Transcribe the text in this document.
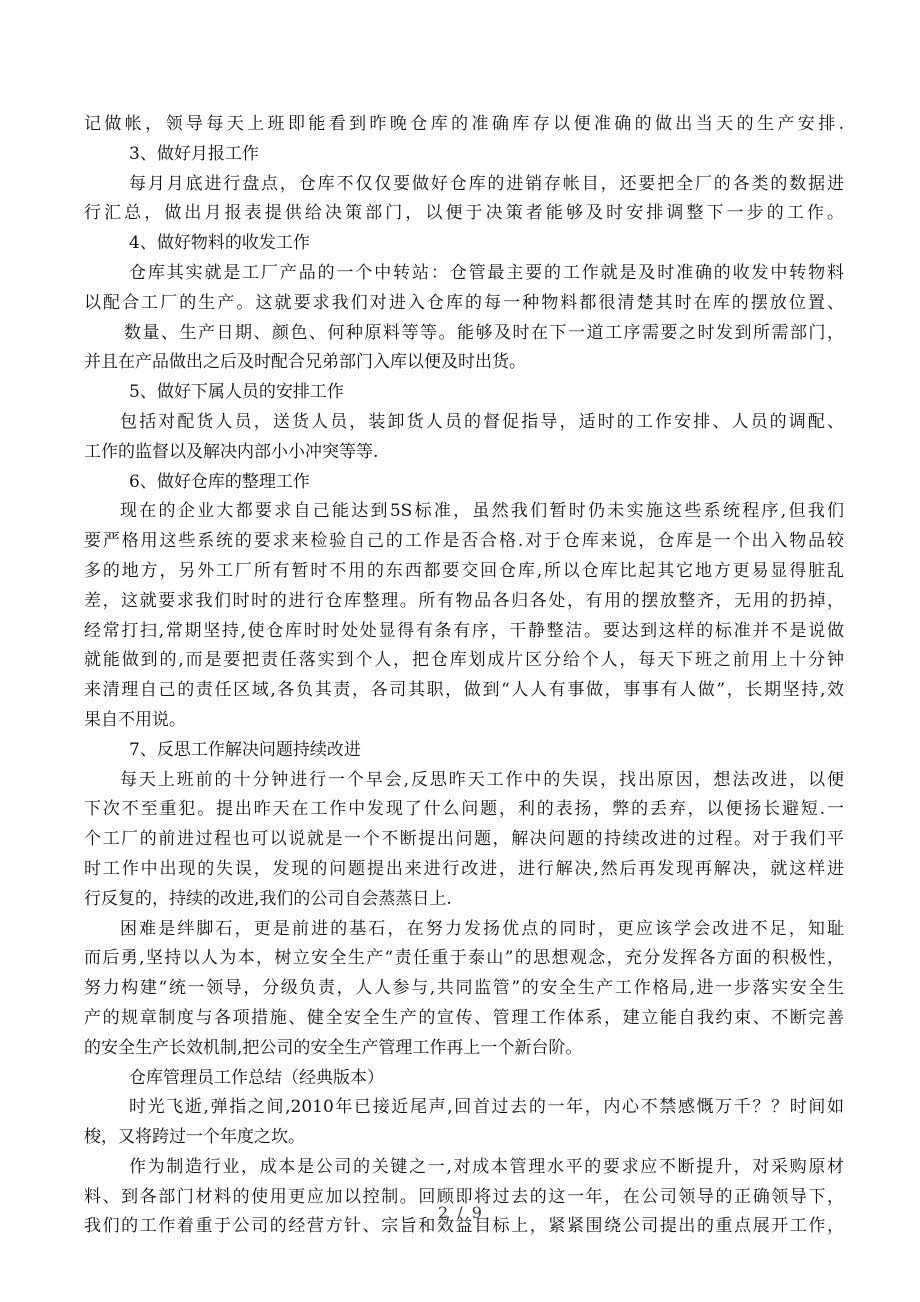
记做帐，领导每天上班即能看到昨晚仓库的准确库存以便准确的做出当天的生产安排.
3、做好月报工作
每月月底进行盘点，仓库不仅仅要做好仓库的进销存帐目，还要把全厂的各类的数据进
行汇总，做出月报表提供给决策部门，以便于决策者能够及时安排调整下一步的工作。
4、做好物料的收发工作
仓库其实就是工厂产品的一个中转站：仓管最主要的工作就是及时准确的收发中转物料
以配合工厂的生产。这就要求我们对进入仓库的每一种物料都很清楚其时在库的摆放位置、
数量、生产日期、颜色、何种原料等等。能够及时在下一道工序需要之时发到所需部门，
并且在产品做出之后及时配合兄弟部门入库以便及时出货。
5、做好下属人员的安排工作
包括对配货人员，送货人员，装卸货人员的督促指导，适时的工作安排、人员的调配、
工作的监督以及解决内部小小冲突等等.
6、做好仓库的整理工作
现在的企业大都要求自己能达到5S标准，虽然我们暂时仍未实施这些系统程序,但我们
要严格用这些系统的要求来检验自己的工作是否合格.对于仓库来说，仓库是一个出入物品较
多的地方，另外工厂所有暂时不用的东西都要交回仓库,所以仓库比起其它地方更易显得脏乱
差，这就要求我们时时的进行仓库整理。所有物品各归各处，有用的摆放整齐，无用的扔掉，
经常打扫,常期坚持,使仓库时时处处显得有条有序，干静整洁。要达到这样的标准并不是说做
就能做到的,而是要把责任落实到个人，把仓库划成片区分给个人，每天下班之前用上十分钟
来清理自己的责任区域,各负其责，各司其职，做到“人人有事做，事事有人做”，长期坚持,效
果自不用说。
7、反思工作解决问题持续改进
每天上班前的十分钟进行一个早会,反思昨天工作中的失误，找出原因，想法改进，以便
下次不至重犯。提出昨天在工作中发现了什么问题，利的表扬，弊的丢弃，以便扬长避短.一
个工厂的前进过程也可以说就是一个不断提出问题，解决问题的持续改进的过程。对于我们平
时工作中出现的失误，发现的问题提出来进行改进，进行解决,然后再发现再解决，就这样进
行反复的，持续的改进,我们的公司自会蒸蒸日上.
困难是绊脚石，更是前进的基石，在努力发扬优点的同时，更应该学会改进不足，知耻
而后勇,坚持以人为本，树立安全生产“责任重于泰山”的思想观念，充分发挥各方面的积极性，
努力构建“统一领导，分级负责，人人参与,共同监管”的安全生产工作格局,进一步落实安全生
产的规章制度与各项措施、健全安全生产的宣传、管理工作体系，建立能自我约束、不断完善
的安全生产长效机制,把公司的安全生产管理工作再上一个新台阶。
仓库管理员工作总结（经典版本）
时光飞逝,弹指之间,2010年已接近尾声,回首过去的一年，内心不禁感慨万千？？时间如
梭，又将跨过一个年度之坎。
作为制造行业，成本是公司的关键之一,对成本管理水平的要求应不断提升，对采购原材
料、到各部门材料的使用更应加以控制。回顾即将过去的这一年，在公司领导的正确领导下，
我们的工作着重于公司的经营方针、宗旨和效益目标上，紧紧围绕公司提出的重点展开工作，
2 / 9
